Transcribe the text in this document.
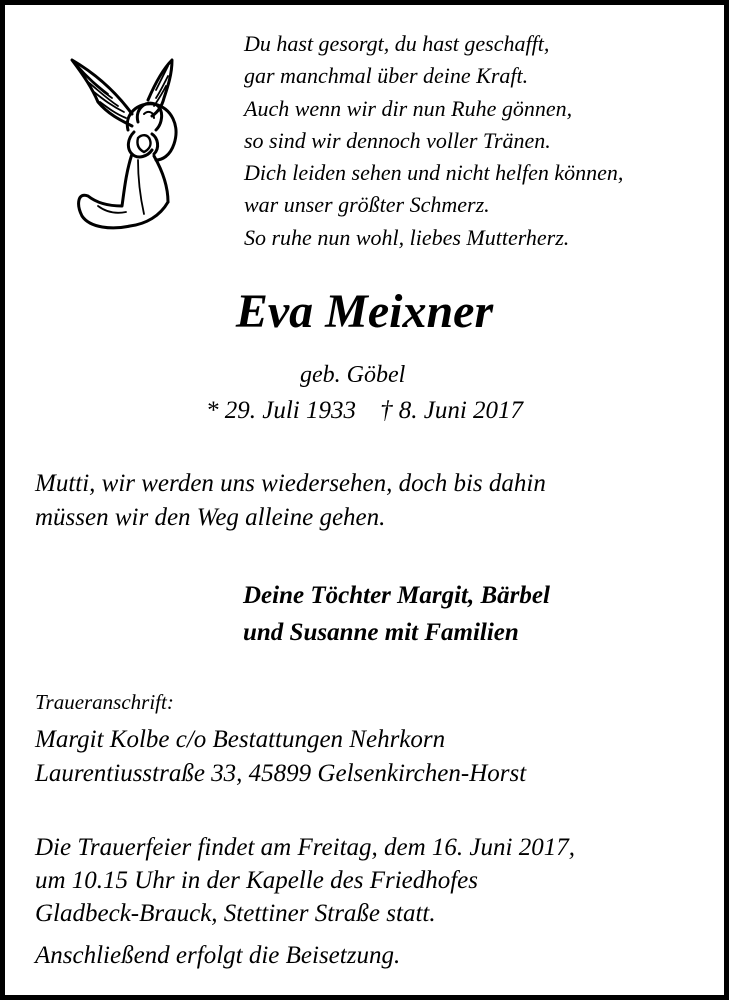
Du hast gesorgt, du hast geschafft,
gar manchmal über deine Kraft.
Auch wenn wir dir nun Ruhe gönnen,
so sind wir dennoch voller Tränen.
Dich leiden sehen und nicht helfen können,
war unser größter Schmerz.
So ruhe nun wohl, liebes Mutterherz.
Eva Meixner
geb. Göbel
* 29. Juli 1933 † 8. Juni 2017
Mutti, wir werden uns wiedersehen, doch bis dahin
müssen wir den Weg alleine gehen.
Deine Töchter Margit, Bärbel
und Susanne mit Familien
Traueranschrift:
Margit Kolbe c/o Bestattungen Nehrkorn
Laurentiusstraße 33, 45899 Gelsenkirchen-Horst
Die Trauerfeier findet am Freitag, dem 16. Juni 2017,
um 10.15 Uhr in der Kapelle des Friedhofes
Gladbeck-Brauck, Stettiner Straße statt.
Anschließend erfolgt die Beisetzung.
